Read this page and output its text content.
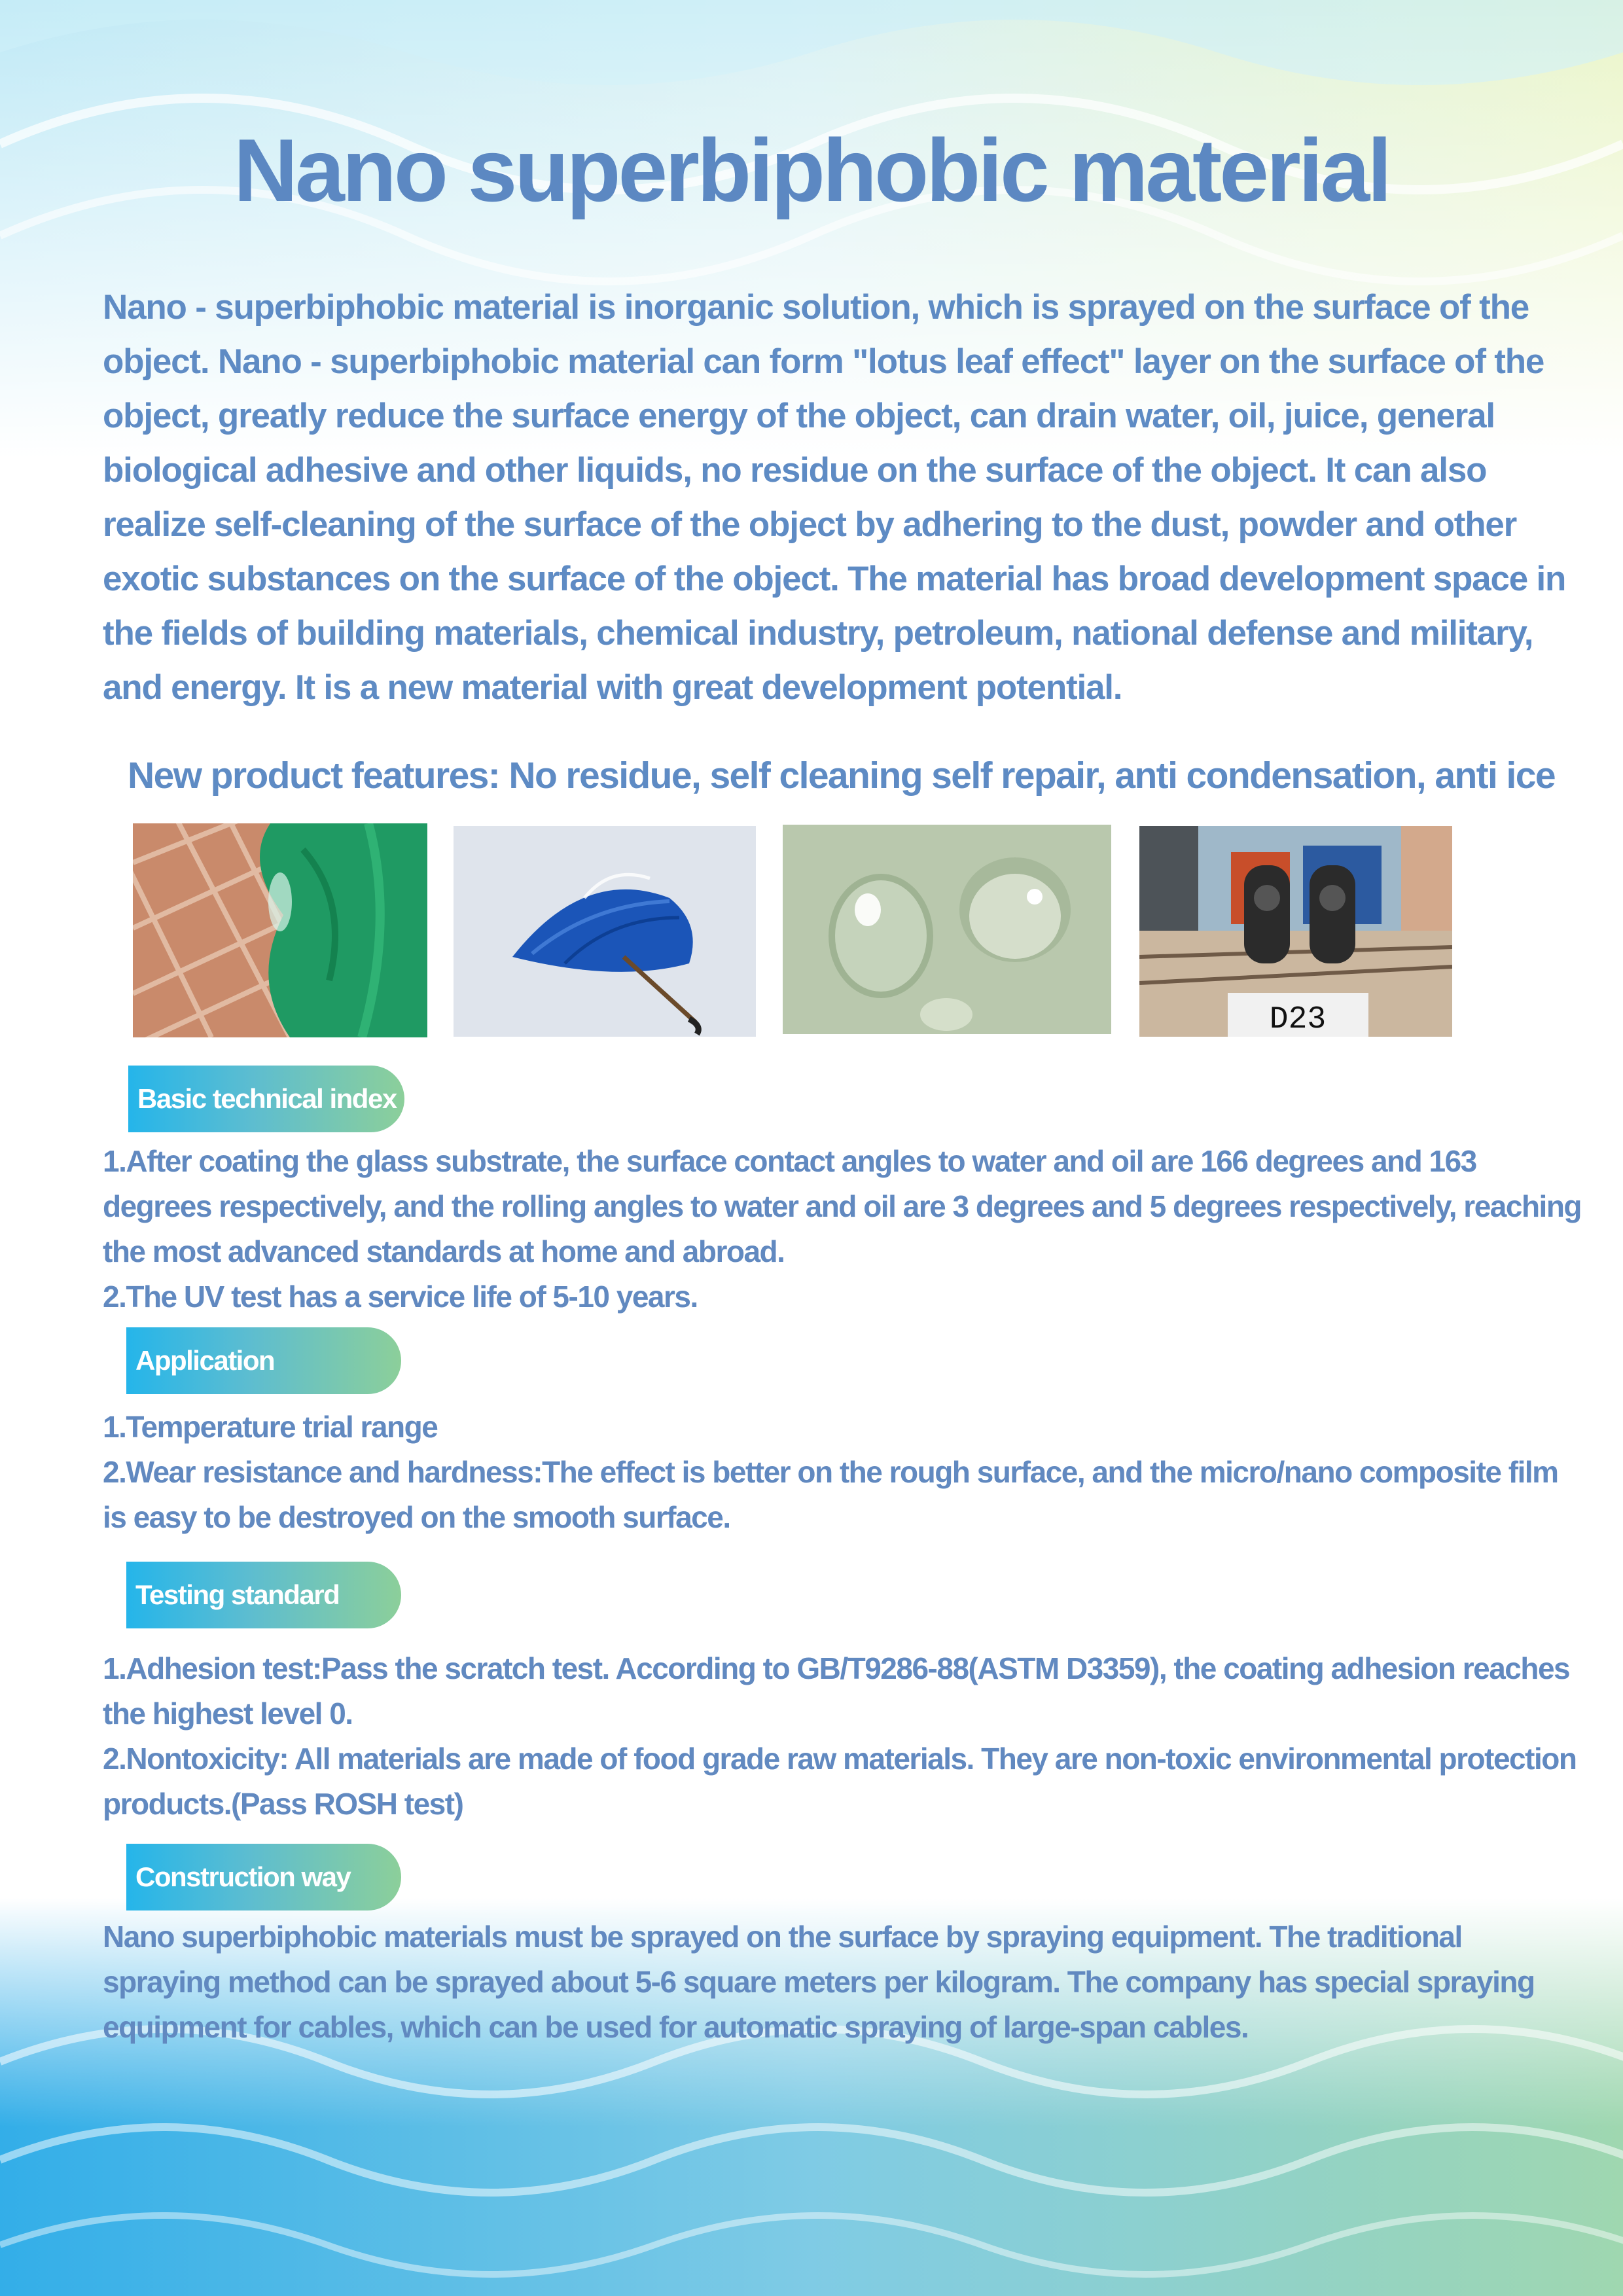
Nano superbiphobic material
Nano - superbiphobic material is inorganic solution, which is sprayed on the surface of the object. Nano - superbiphobic material can form "lotus leaf effect" layer on the surface of the object, greatly reduce the surface energy of the object, can drain water, oil, juice, general biological adhesive and other liquids, no residue on the surface of the object. It can also realize self-cleaning of the surface of the object by adhering to the dust, powder and other exotic substances on the surface of the object. The material has broad development space in the fields of building materials, chemical industry, petroleum, national defense and military, and energy. It is a new material with great development potential.
New product features: No residue, self cleaning self repair, anti condensation, anti ice
D23
Basic technical index

1.After coating the glass substrate, the surface contact angles to water and oil are 166 degrees and 163 degrees respectively, and the rolling angles to water and oil are 3 degrees and 5 degrees respectively, reaching the most advanced standards at home and abroad.

2.The UV test has a service life of 5-10 years.

Application

1.Temperature trial range

2.Wear resistance and hardness:The effect is better on the rough surface, and the micro/nano composite film is easy to be destroyed on the smooth surface.

Testing standard

1.Adhesion test:Pass the scratch test. According to GB/T9286-88(ASTM D3359), the coating adhesion reaches the highest level 0.

2.Nontoxicity: All materials are made of food grade raw materials. They are non-toxic environmental protection products.(Pass ROSH test)

Construction way

Nano superbiphobic materials must be sprayed on the surface by spraying equipment. The traditional spraying method can be sprayed about 5-6 square meters per kilogram. The company has special spraying equipment for cables, which can be used for automatic spraying of large-span cables.
